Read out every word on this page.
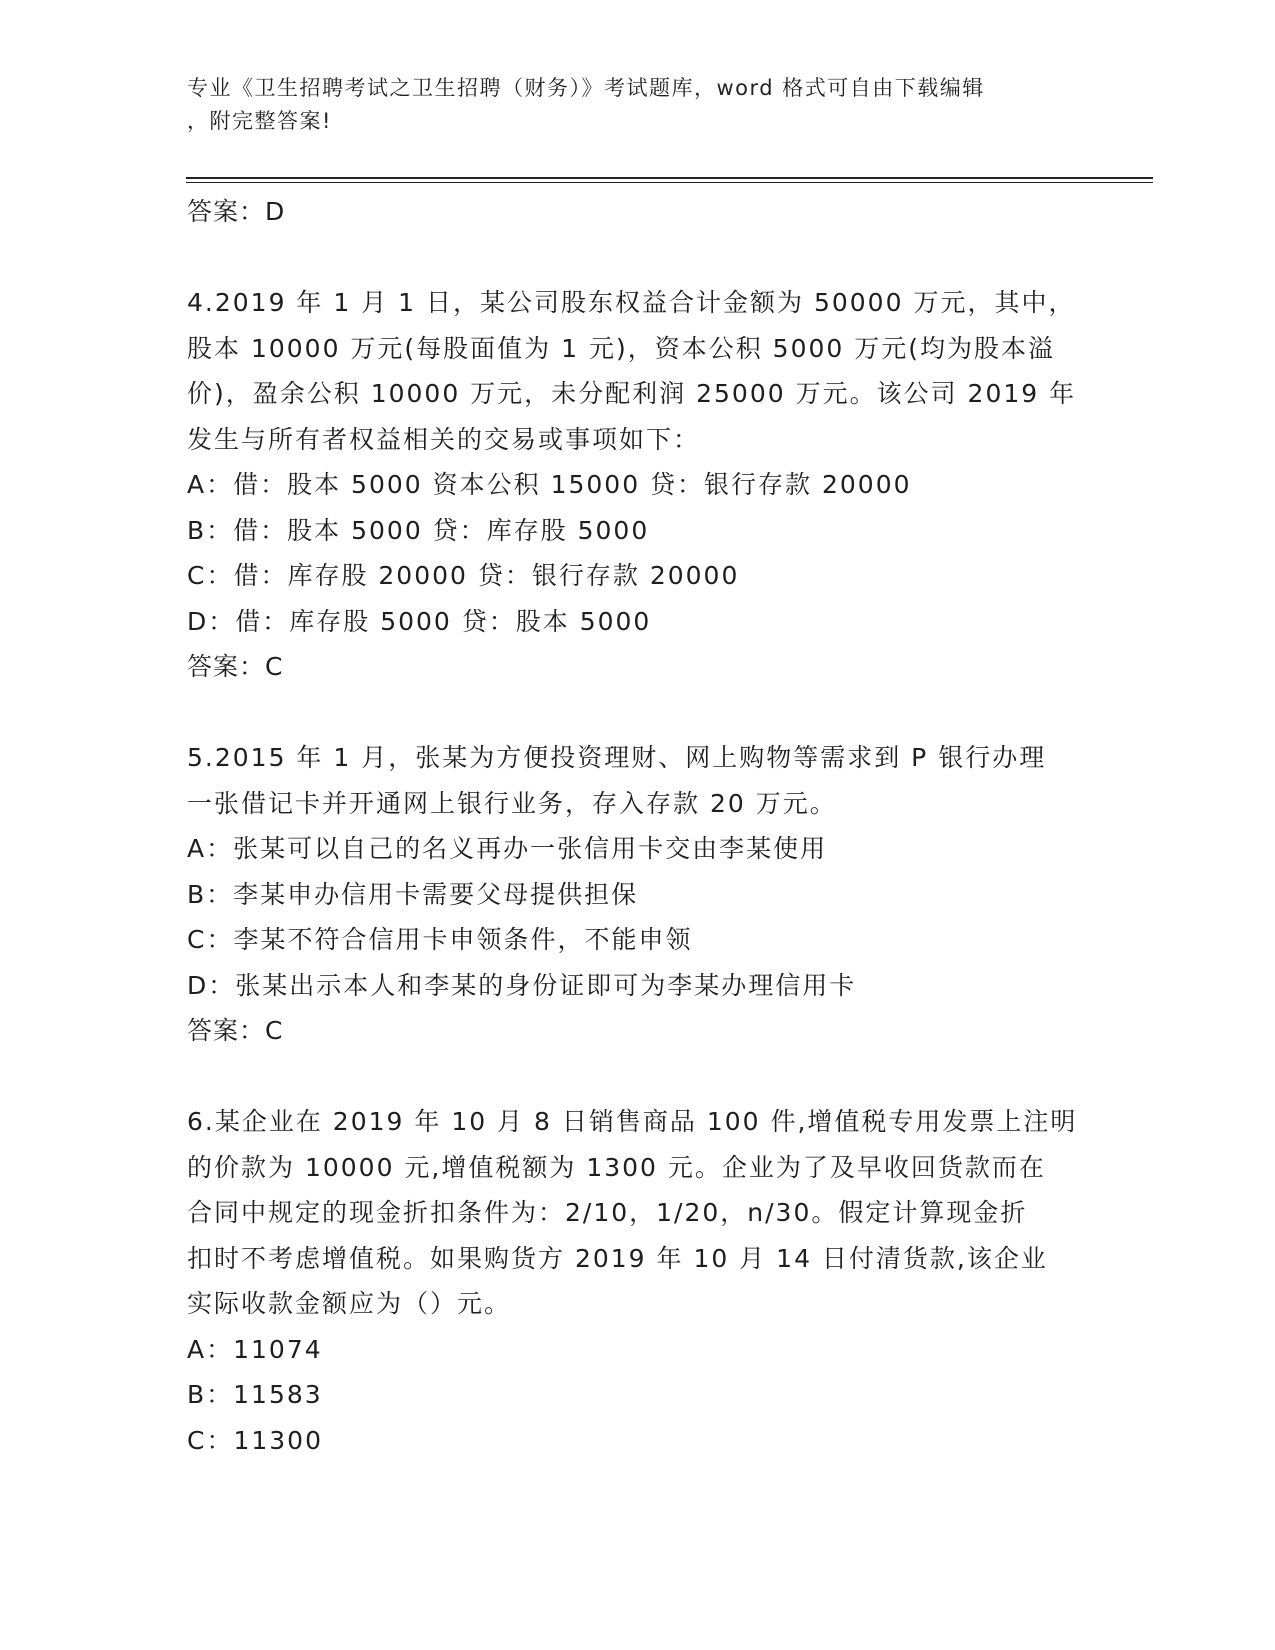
专业《卫生招聘考试之卫生招聘（财务）》考试题库，word 格式可自由下载编辑
，附完整答案!
答案：D
4.2019 年 1 月 1 日，某公司股东权益合计金额为 50000 万元，其中，
股本 10000 万元(每股面值为 1 元)，资本公积 5000 万元(均为股本溢
价)，盈余公积 10000 万元，未分配利润 25000 万元。该公司 2019 年
发生与所有者权益相关的交易或事项如下：
A：借：股本 5000 资本公积 15000 贷：银行存款 20000
B：借：股本 5000 贷：库存股 5000
C：借：库存股 20000 贷：银行存款 20000
D：借：库存股 5000 贷：股本 5000
答案：C
5.2015 年 1 月，张某为方便投资理财、网上购物等需求到 P 银行办理
一张借记卡并开通网上银行业务，存入存款 20 万元。
A：张某可以自己的名义再办一张信用卡交由李某使用
B：李某申办信用卡需要父母提供担保
C：李某不符合信用卡申领条件，不能申领
D：张某出示本人和李某的身份证即可为李某办理信用卡
答案：C
6.某企业在 2019 年 10 月 8 日销售商品 100 件,增值税专用发票上注明
的价款为 10000 元,增值税额为 1300 元。企业为了及早收回货款而在
合同中规定的现金折扣条件为：2/10，1/20，n/30。假定计算现金折
扣时不考虑增值税。如果购货方 2019 年 10 月 14 日付清货款,该企业
实际收款金额应为（）元。
A：11074
B：11583
C：11300
